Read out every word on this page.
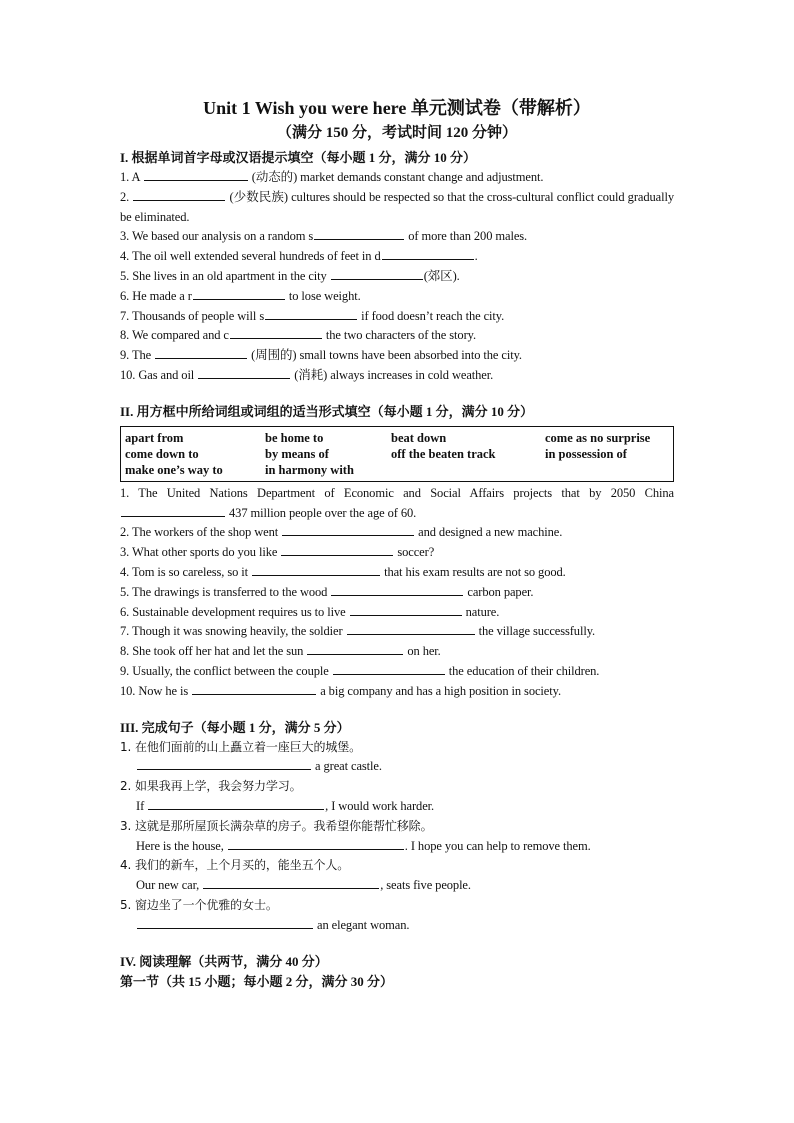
Unit 1 Wish you were here 单元测试卷（带解析）

（满分 150 分，考试时间 120 分钟）

I. 根据单词首字母或汉语提示填空（每小题 1 分，满分 10 分）

1. A	(动态的) market demands constant change and adjustment.

2.	(少数民族) cultures should be respected so that the cross-cultural conflict could gradually be eliminated.

3. We based our analysis on a random s	of more than 200 males.

4. The oil well extended several hundreds of feet in d	.

5. She lives in an old apartment in the city	(郊区).

6. He made a r	to lose weight.

7. Thousands of people will s	if food doesn’t reach the city.

8. We compared and c	the two characters of the story.

9. The	(周围的) small towns have been absorbed into the city.

10. Gas and oil	(消耗) always increases in cold weather.

II. 用方框中所给词组或词组的适当形式填空（每小题 1 分，满分 10 分）

apart from	be home to	beat down	come as no surprise
come down to	by means of	off the beaten track	in possession of
make one’s way to	in harmony with

1. The United Nations Department of Economic and Social Affairs projects that by 2050 China  437 million people over the age of 60.

2. The workers of the shop went	and designed a new machine.

3. What other sports do you like	soccer?

4. Tom is so careless, so it	that his exam results are not so good.

5. The drawings is transferred to the wood	carbon paper.

6. Sustainable development requires us to live	nature.

7. Though it was snowing heavily, the soldier	the village successfully.

8. She took off her hat and let the sun	on her.

9. Usually, the conflict between the couple	the education of their children.

10. Now he is	a big company and has a high position in society.

III. 完成句子（每小题 1 分，满分 5 分）

1. 在他们面前的山上矗立着一座巨大的城堡。

a great castle.

2. 如果我再上学，我会努力学习。

If	, I would work harder.

3. 这就是那所屋顶长满杂草的房子。我希望你能帮忙移除。

Here is the house,	. I hope you can help to remove them.

4. 我们的新车，上个月买的，能坐五个人。

Our new car,	, seats five people.

5. 窗边坐了一个优雅的女士。

an elegant woman.

IV. 阅读理解（共两节，满分 40 分）

第一节（共 15 小题；每小题 2 分，满分 30 分）
